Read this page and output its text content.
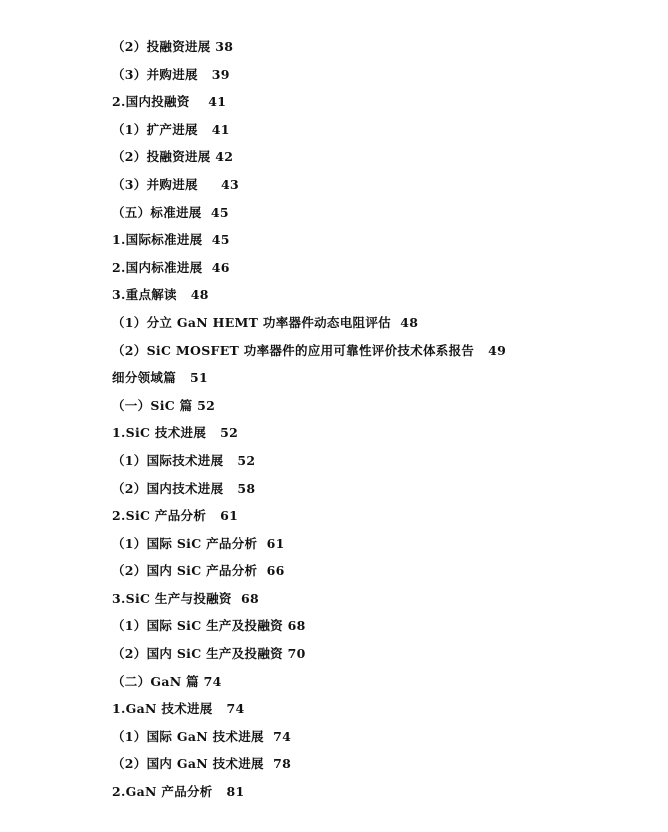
（2）投融资进展 38
（3）并购进展   39
2.国内投融资    41
（1）扩产进展   41
（2）投融资进展 42
（3）并购进展     43
（五）标准进展  45
1.国际标准进展  45
2.国内标准进展  46
3.重点解读   48
（1）分立 GaN HEMT 功率器件动态电阻评估  48
（2）SiC MOSFET 功率器件的应用可靠性评价技术体系报告   49
细分领域篇   51
（一）SiC 篇 52
1.SiC 技术进展   52
（1）国际技术进展   52
（2）国内技术进展   58
2.SiC 产品分析   61
（1）国际 SiC 产品分析  61
（2）国内 SiC 产品分析  66
3.SiC 生产与投融资  68
（1）国际 SiC 生产及投融资 68
（2）国内 SiC 生产及投融资 70
（二）GaN 篇 74
1.GaN 技术进展   74
（1）国际 GaN 技术进展  74
（2）国内 GaN 技术进展  78
2.GaN 产品分析   81
